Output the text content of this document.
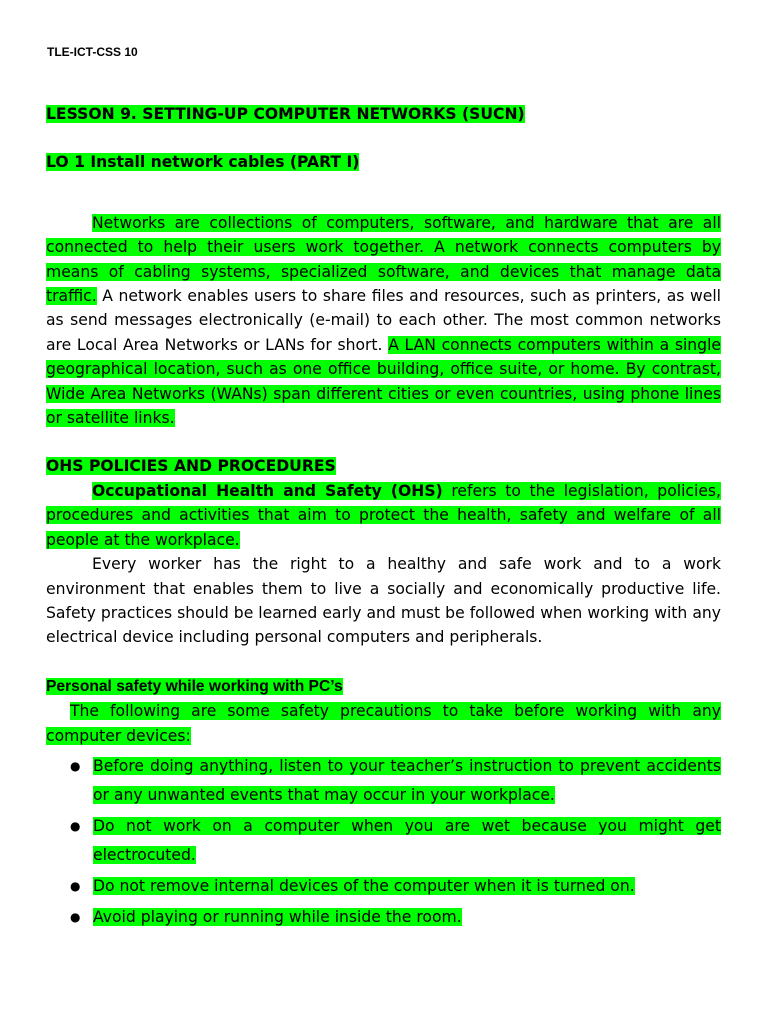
TLE-ICT-CSS 10

LESSON 9. SETTING-UP COMPUTER NETWORKS (SUCN)

LO 1 Install network cables (PART I)

Networks are collections of computers, software, and hardware that are all connected to help their users work together. A network connects computers by means of cabling systems, specialized software, and devices that manage data traffic. A network enables users to share files and resources, such as printers, as well as send messages electronically (e-mail) to each other. The most common networks are Local Area Networks or LANs for short. A LAN connects computers within a single geographical location, such as one office building, office suite, or home. By contrast, Wide Area Networks (WANs) span different cities or even countries, using phone lines or satellite links.

OHS POLICIES AND PROCEDURES

Occupational Health and Safety (OHS) refers to the legislation, policies, procedures and activities that aim to protect the health, safety and welfare of all people at the workplace.

Every worker has the right to a healthy and safe work and to a work environment that enables them to live a socially and economically productive life. Safety practices should be learned early and must be followed when working with any electrical device including personal computers and peripherals.

Personal safety while working with PC’s

The following are some safety precautions to take before working with any computer devices:

● Before doing anything, listen to your teacher’s instruction to prevent accidents or any unwanted events that may occur in your workplace.
● Do not work on a computer when you are wet because you might get electrocuted.
● Do not remove internal devices of the computer when it is turned on.
● Avoid playing or running while inside the room.
